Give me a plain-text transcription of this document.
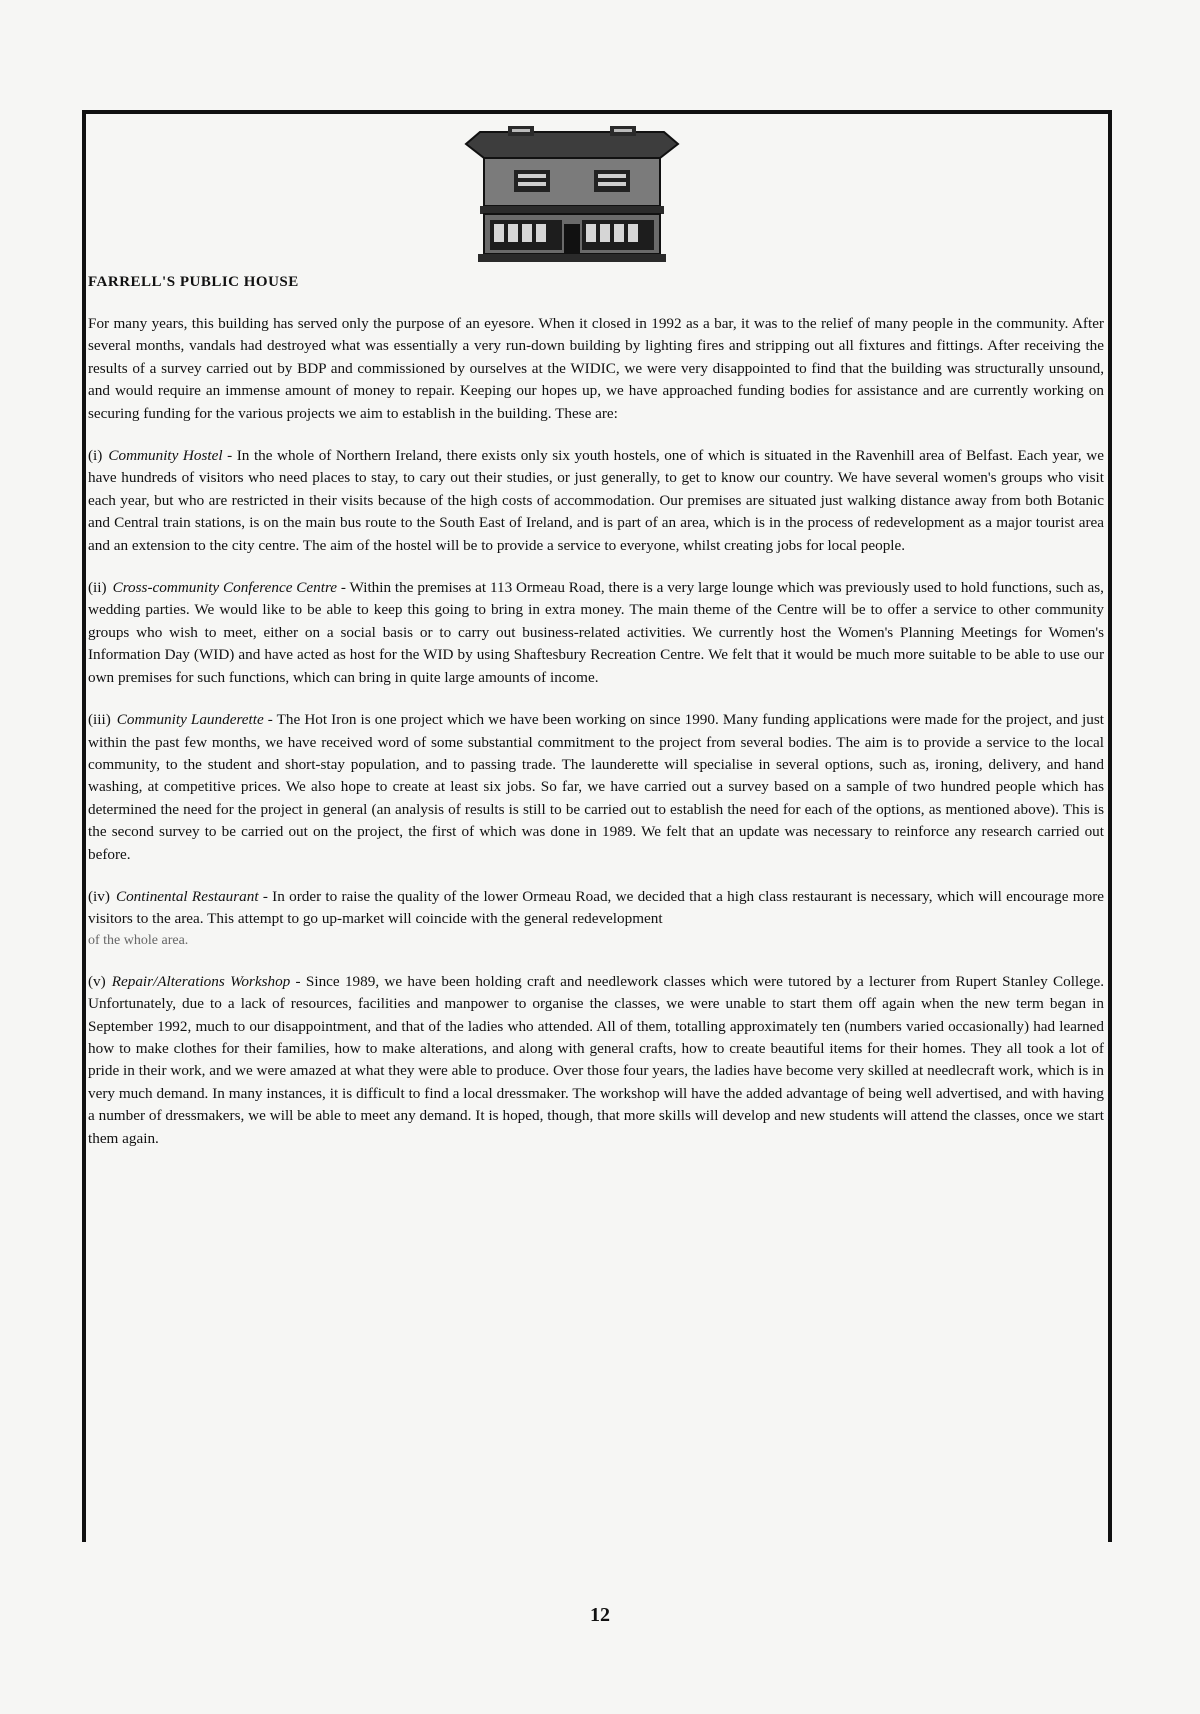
FARRELL'S PUBLIC HOUSE

For many years, this building has served only the purpose of an eyesore. When it closed in 1992 as a bar, it was to the relief of many people in the community. After several months, vandals had destroyed what was essentially a very run-down building by lighting fires and stripping out all fixtures and fittings. After receiving the results of a survey carried out by BDP and commissioned by ourselves at the WIDIC, we were very disappointed to find that the building was structurally unsound, and would require an immense amount of money to repair. Keeping our hopes up, we have approached funding bodies for assistance and are currently working on securing funding for the various projects we aim to establish in the building. These are:

(i) Community Hostel - In the whole of Northern Ireland, there exists only six youth hostels, one of which is situated in the Ravenhill area of Belfast. Each year, we have hundreds of visitors who need places to stay, to cary out their studies, or just generally, to get to know our country. We have several women's groups who visit each year, but who are restricted in their visits because of the high costs of accommodation. Our premises are situated just walking distance away from both Botanic and Central train stations, is on the main bus route to the South East of Ireland, and is part of an area, which is in the process of redevelopment as a major tourist area and an extension to the city centre. The aim of the hostel will be to provide a service to everyone, whilst creating jobs for local people.

(ii) Cross-community Conference Centre - Within the premises at 113 Ormeau Road, there is a very large lounge which was previously used to hold functions, such as, wedding parties. We would like to be able to keep this going to bring in extra money. The main theme of the Centre will be to offer a service to other community groups who wish to meet, either on a social basis or to carry out business-related activities. We currently host the Women's Planning Meetings for Women's Information Day (WID) and have acted as host for the WID by using Shaftesbury Recreation Centre. We felt that it would be much more suitable to be able to use our own premises for such functions, which can bring in quite large amounts of income.

(iii) Community Launderette - The Hot Iron is one project which we have been working on since 1990. Many funding applications were made for the project, and just within the past few months, we have received word of some substantial commitment to the project from several bodies. The aim is to provide a service to the local community, to the student and short-stay population, and to passing trade. The launderette will specialise in several options, such as, ironing, delivery, and hand washing, at competitive prices. We also hope to create at least six jobs. So far, we have carried out a survey based on a sample of two hundred people which has determined the need for the project in general (an analysis of results is still to be carried out to establish the need for each of the options, as mentioned above). This is the second survey to be carried out on the project, the first of which was done in 1989. We felt that an update was necessary to reinforce any research carried out before.

(iv) Continental Restaurant - In order to raise the quality of the lower Ormeau Road, we decided that a high class restaurant is necessary, which will encourage more visitors to the area. This attempt to go up-market will coincide with the general redevelopment

of the whole area.

(v) Repair/Alterations Workshop - Since 1989, we have been holding craft and needlework classes which were tutored by a lecturer from Rupert Stanley College. Unfortunately, due to a lack of resources, facilities and manpower to organise the classes, we were unable to start them off again when the new term began in September 1992, much to our disappointment, and that of the ladies who attended. All of them, totalling approximately ten (numbers varied occasionally) had learned how to make clothes for their families, how to make alterations, and along with general crafts, how to create beautiful items for their homes. They all took a lot of pride in their work, and we were amazed at what they were able to produce. Over those four years, the ladies have become very skilled at needlecraft work, which is in very much demand. In many instances, it is difficult to find a local dressmaker. The workshop will have the added advantage of being well advertised, and with having a number of dressmakers, we will be able to meet any demand. It is hoped, though, that more skills will develop and new students will attend the classes, once we start them again.

12
